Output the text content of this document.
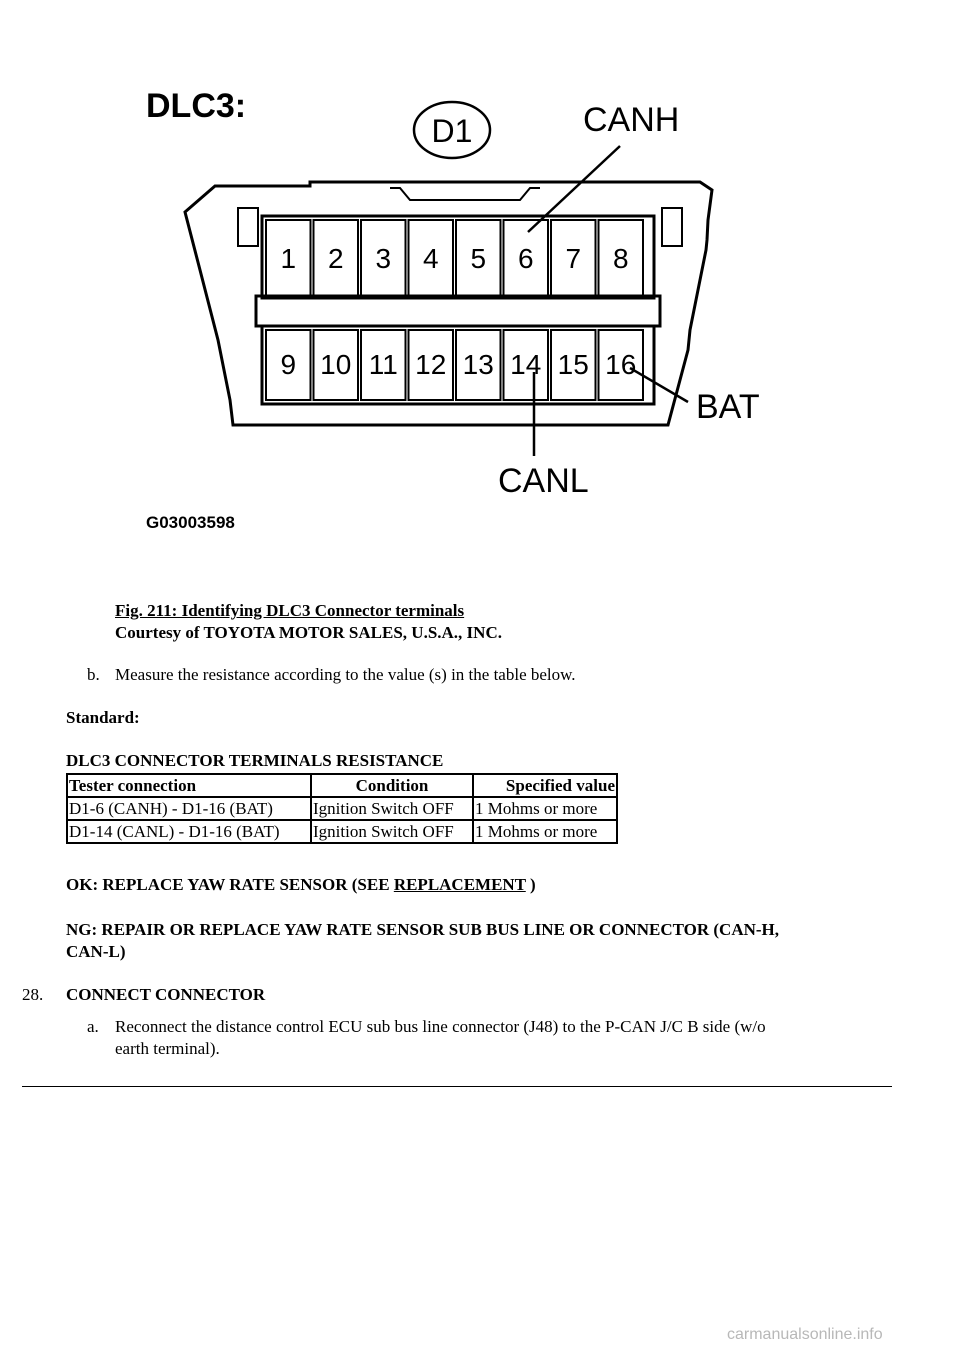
DLC3:
1 2 3 4 5 6 7 8
9 10 11 12 13 14 15 16
D1	CANH
CANL
BAT
G03003598
Fig. 211: Identifying DLC3 Connector terminals
Courtesy of TOYOTA MOTOR SALES, U.S.A., INC.
b. Measure the resistance according to the value (s) in the table below.
Standard:
DLC3 CONNECTOR TERMINALS RESISTANCE
Tester connection	Condition	Specified value
D1-6 (CANH) - D1-16 (BAT)	Ignition Switch OFF	1 Mohms or more
D1-14 (CANL) - D1-16 (BAT)	Ignition Switch OFF	1 Mohms or more
OK: REPLACE YAW RATE SENSOR (SEE REPLACEMENT )
NG: REPAIR OR REPLACE YAW RATE SENSOR SUB BUS LINE OR CONNECTOR (CAN-H,
CAN-L)
28. CONNECT CONNECTOR
a. Reconnect the distance control ECU sub bus line connector (J48) to the P-CAN J/C B side (w/o
earth terminal).
carmanualsonline.info
